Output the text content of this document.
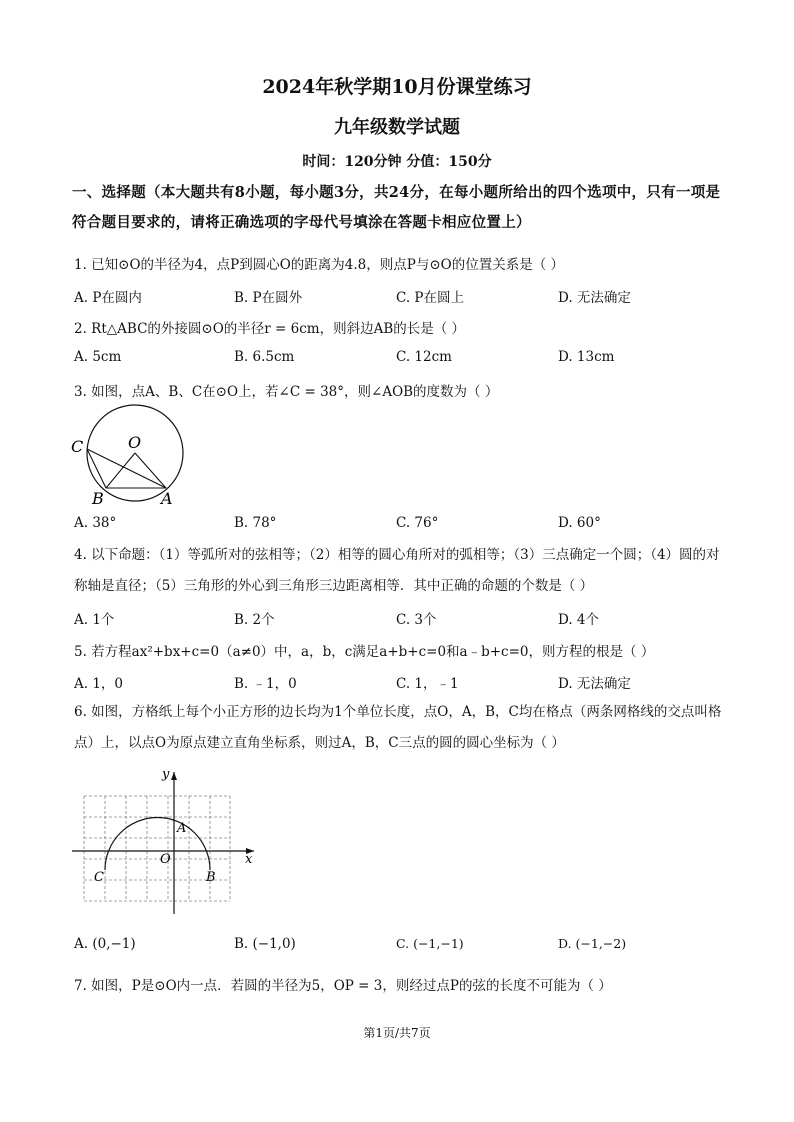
2024年秋学期10月份课堂练习
九年级数学试题
时间：120分钟 分值：150分
一、选择题（本大题共有8小题，每小题3分，共24分，在每小题所给出的四个选项中，只有一项是符合题目要求的，请将正确选项的字母代号填涂在答题卡相应位置上）
1. 已知⊙O的半径为4，点P到圆心O的距离为4.8，则点P与⊙O的位置关系是（ ）
A. P在圆内	B. P在圆外	C. P在圆上	D. 无法确定
2. Rt△ABC的外接圆⊙O的半径r = 6cm，则斜边AB的长是（ ）
A. 5cm	B. 6.5cm	C. 12cm	D. 13cm
3. 如图，点A、B、C在⊙O上，若∠C = 38°，则∠AOB的度数为（ ）
C	O
B	A
A. 38°	B. 78°	C. 76°	D. 60°
4. 以下命题：（1）等弧所对的弦相等；（2）相等的圆心角所对的弧相等；（3）三点确定一个圆；（4）圆的对称轴是直径；（5）三角形的外心到三角形三边距离相等．其中正确的命题的个数是（ ）
A. 1个	B. 2个	C. 3个	D. 4个
5. 若方程ax²+bx+c=0（a≠0）中，a，b，c满足a+b+c=0和a﹣b+c=0，则方程的根是（ ）
A. 1，0	B. ﹣1，0	C. 1，﹣1	D. 无法确定
6. 如图，方格纸上每个小正方形的边长均为1个单位长度，点O，A，B，C均在格点（两条网格线的交点叫格点）上，以点O为原点建立直角坐标系，则过A，B，C三点的圆的圆心坐标为（ ）
y
x
A
O
C	B
A. (0,−1)	B. (−1,0)	C. (−1,−1)	D. (−1,−2)
7. 如图，P是⊙O内一点．若圆的半径为5，OP = 3，则经过点P的弦的长度不可能为（ ）
第1页/共7页
